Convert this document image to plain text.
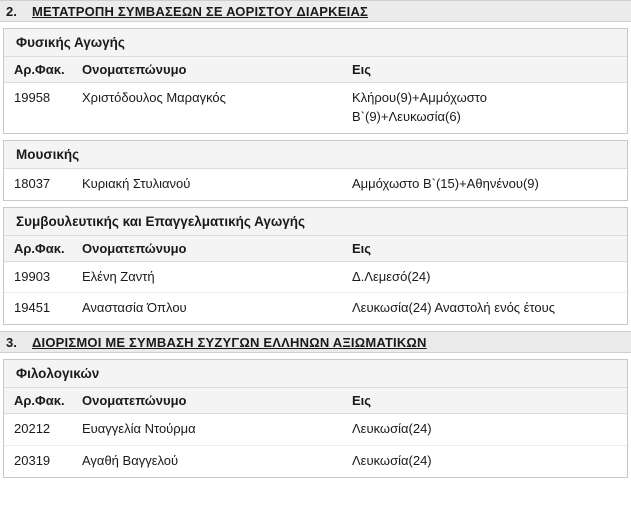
2.	ΜΕΤΑΤΡΟΠΗ ΣΥΜΒΑΣΕΩΝ ΣΕ ΑΟΡΙΣΤΟΥ ΔΙΑΡΚΕΙΑΣ
Φυσικής Αγωγής
Αρ.Φακ.	Ονοματεπώνυμο	Εις
19958	Χριστόδουλος Μαραγκός	Κλήρου(9)+Αμμόχωστο
Β`(9)+Λευκωσία(6)
Μουσικής
18037	Κυριακή Στυλιανού	Αμμόχωστο Β`(15)+Αθηνένου(9)
Συμβουλευτικής και Επαγγελματικής Αγωγής
Αρ.Φακ.	Ονοματεπώνυμο	Εις
19903	Ελένη Ζαντή	Δ.Λεμεσό(24)

19451	Αναστασία Όπλου	Λευκωσία(24) Αναστολή ενός έτους
3.	ΔΙΟΡΙΣΜΟΙ ΜΕ ΣΥΜΒΑΣΗ ΣΥΖΥΓΩΝ ΕΛΛΗΝΩΝ ΑΞΙΩΜΑΤΙΚΩΝ
Φιλολογικών
Αρ.Φακ.	Ονοματεπώνυμο	Εις
20212	Ευαγγελία Ντούρμα	Λευκωσία(24)

20319	Αγαθή Βαγγελού	Λευκωσία(24)
